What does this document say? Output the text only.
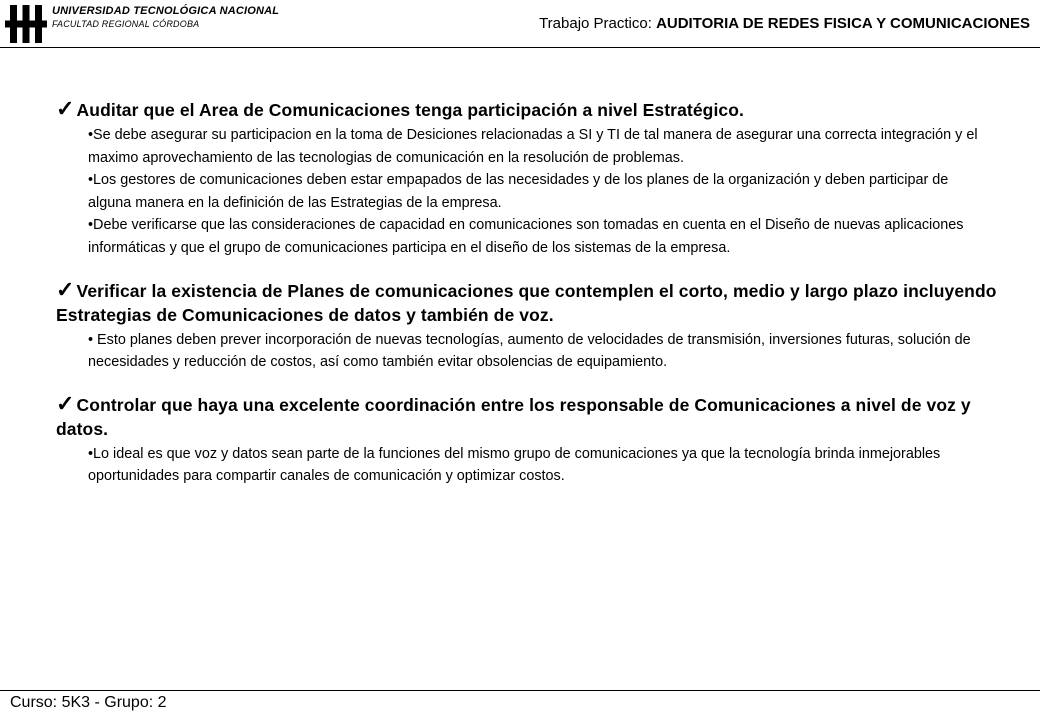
UNIVERSIDAD TECNOLÓGICA NACIONAL
FACULTAD REGIONAL CÓRDOBA	Trabajo Practico: AUDITORIA DE REDES FISICA Y COMUNICACIONES

✓ Auditar que el Area de Comunicaciones tenga participación a nivel Estratégico.

• Se debe asegurar su participacion en la toma de Desiciones relacionadas a SI y TI de tal manera de asegurar una correcta integración y el maximo aprovechamiento de las tecnologias de comunicación en la resolución de problemas.
• Los gestores de comunicaciones deben estar empapados de las necesidades y de los planes de la organización y deben participar de alguna manera en la definición de las Estrategias de la empresa.
• Debe verificarse que las consideraciones de capacidad en comunicaciones son tomadas en cuenta en el Diseño de nuevas aplicaciones informáticas y que el grupo de comunicaciones participa en el diseño de los sistemas de la empresa.

✓ Verificar la existencia de Planes de comunicaciones que contemplen el corto, medio y largo plazo incluyendo Estrategias de Comunicaciones de datos y también de voz.

• Esto planes deben prever incorporación de nuevas tecnologías, aumento de velocidades de transmisión, inversiones futuras, solución de necesidades y reducción de costos, así como también evitar obsolencias de equipamiento.

✓ Controlar que haya una excelente coordinación entre los responsable de Comunicaciones a nivel de voz y datos.

• Lo ideal es que voz y datos sean parte de la funciones del mismo grupo de comunicaciones ya que la tecnología brinda inmejorables oportunidades para compartir canales de comunicación y optimizar costos.
Curso: 5K3 - Grupo: 2
